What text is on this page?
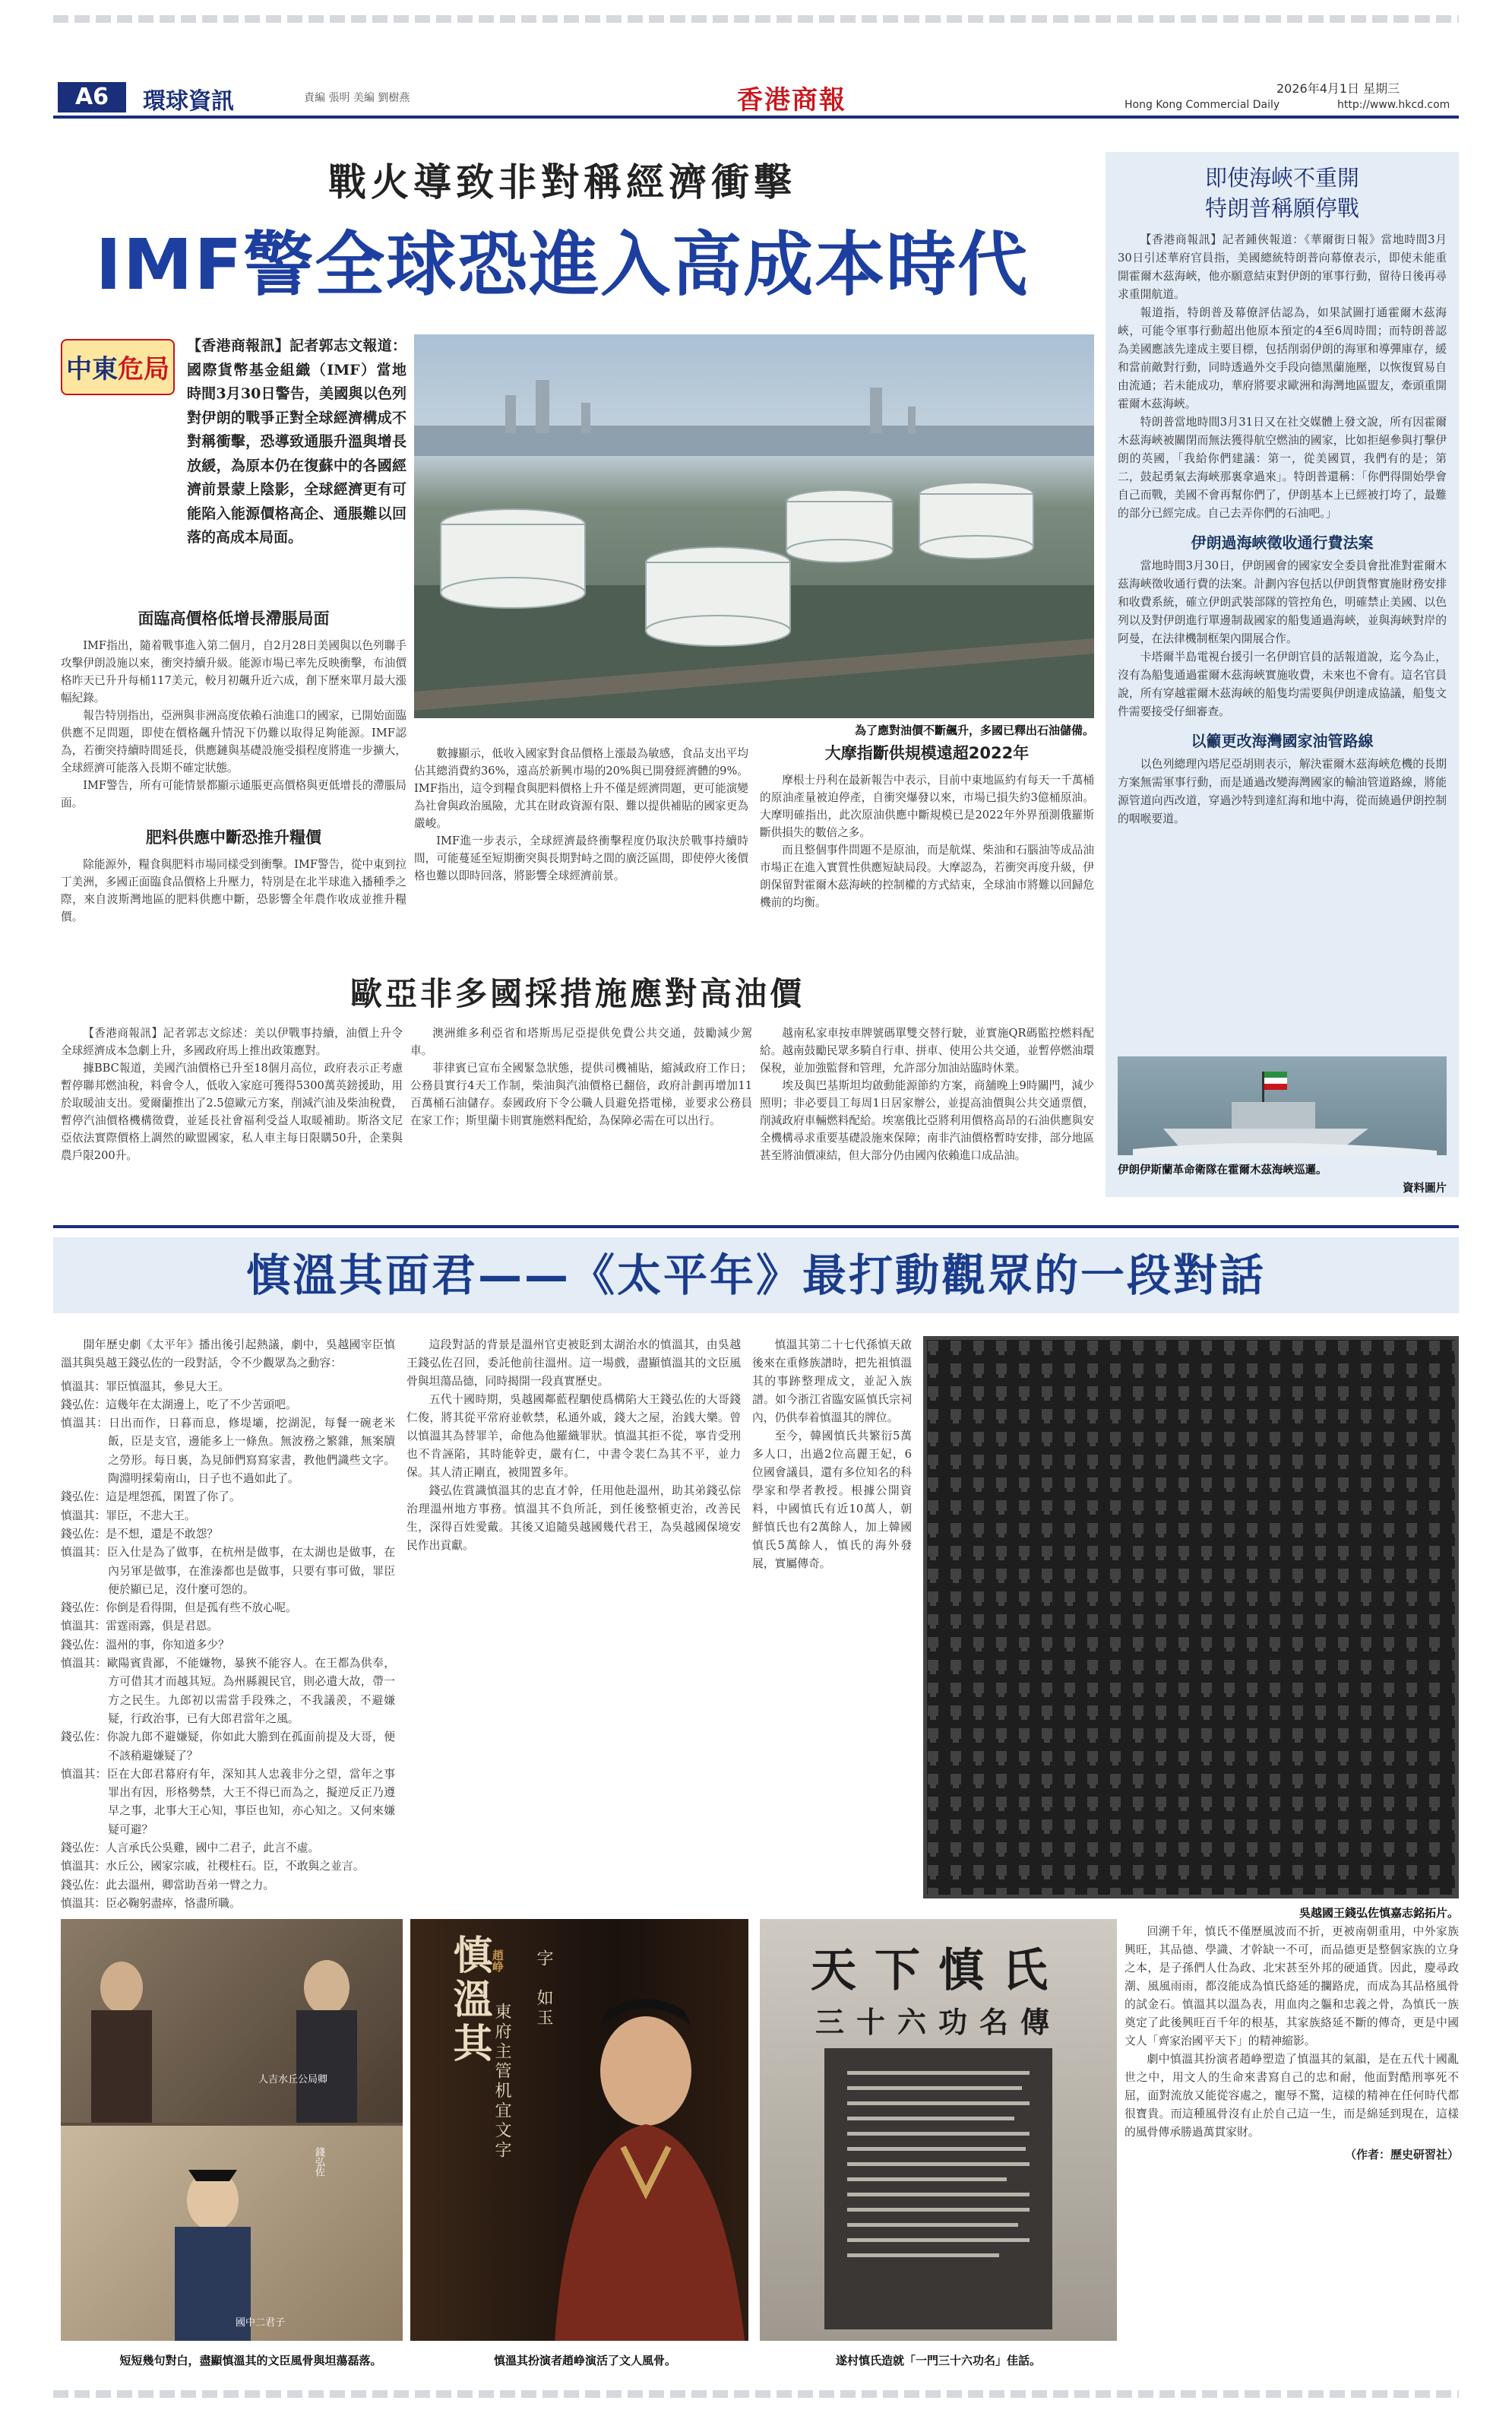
A6	環球資訊	責編 張明 美編 劉樹燕	香港商報	2026年4月1日 星期三
Hong Kong Commercial Daily	http://www.hkcd.com
戰火導致非對稱經濟衝擊
IMF警全球恐進入高成本時代
中東危局

【香港商報訊】記者郭志文報道：國際貨幣基金組織（IMF）當地時間3月30日警告，美國與以色列對伊朗的戰爭正對全球經濟構成不對稱衝擊，恐導致通脹升溫與增長放緩，為原本仍在復蘇中的各國經濟前景蒙上陰影，全球經濟更有可能陷入能源價格高企、通脹難以回落的高成本局面。

面臨高價格低增長滯脹局面

IMF指出，隨着戰事進入第二個月，自2月28日美國與以色列聯手攻擊伊朗設施以來，衝突持續升級。能源市場已率先反映衝擊，布油價格昨天已升升每桶117美元，較月初飆升近六成，創下歷來單月最大漲幅紀錄。

報告特別指出，亞洲與非洲高度依賴石油進口的國家，已開始面臨供應不足問題，即使在價格飆升情況下仍難以取得足夠能源。IMF認為，若衝突持續時間延長，供應鏈與基礎設施受損程度將進一步擴大，全球經濟可能落入長期不確定狀態。

IMF警告，所有可能情景都顯示通脹更高價格與更低增長的滯脹局面。

肥料供應中斷恐推升糧價

除能源外，糧食與肥料市場同樣受到衝擊。IMF警告，從中東到拉丁美洲，多國正面臨食品價格上升壓力，特別是在北半球進入播種季之際，來自波斯灣地區的肥料供應中斷，恐影響全年農作收成並推升糧價。

為了應對油價不斷飆升，多國已釋出石油儲備。

數據顯示，低收入國家對食品價格上漲最為敏感，食品支出平均佔其總消費約36%，遠高於新興市場的20%與已開發經濟體的9%。IMF指出，這令到糧食與肥料價格上升不僅是經濟問題，更可能演變為社會與政治風險，尤其在財政資源有限、難以提供補貼的國家更為嚴峻。

IMF進一步表示，全球經濟最終衝擊程度仍取決於戰事持續時間，可能蔓延至短期衝突與長期對峙之間的廣泛區間，即使停火後價格也難以即時回落，將影響全球經濟前景。

大摩指斷供規模遠超2022年

摩根士丹利在最新報告中表示，目前中東地區約有每天一千萬桶的原油產量被迫停產，自衝突爆發以來，市場已損失約3億桶原油。大摩明確指出，此次原油供應中斷規模已是2022年外界預測俄羅斯斷供損失的數倍之多。

而且整個事件問題不是原油，而是航煤、柴油和石腦油等成品油市場正在進入實質性供應短缺局段。大摩認為，若衝突再度升級，伊朗保留對霍爾木茲海峽的控制權的方式結束，全球油市將難以回歸危機前的均衡。

即使海峽不重開
特朗普稱願停戰

【香港商報訊】記者鍾俠報道：《華爾街日報》當地時間3月30日引述華府官員指，美國總統特朗普向幕僚表示，即使未能重開霍爾木茲海峽，他亦願意結束對伊朗的軍事行動，留待日後再尋求重開航道。

報道指，特朗普及幕僚評估認為，如果試圖打通霍爾木茲海峽，可能令軍事行動超出他原本預定的4至6周時間；而特朗普認為美國應該先達成主要目標，包括削弱伊朗的海軍和導彈庫存，緩和當前敵對行動，同時透過外交手段向德黑蘭施壓，以恢復貿易自由流通；若未能成功，華府將要求歐洲和海灣地區盟友，牽頭重開霍爾木茲海峽。

特朗普當地時間3月31日又在社交媒體上發文說，所有因霍爾木茲海峽被關閉而無法獲得航空燃油的國家，比如拒絕參與打擊伊朗的英國，「我給你們建議：第一，從美國買，我們有的是；第二，鼓起勇氣去海峽那裏拿過來」。特朗普還稱：「你們得開始學會自己而戰，美國不會再幫你們了，伊朗基本上已經被打垮了，最難的部分已經完成。自己去弄你們的石油吧。」

伊朗過海峽徵收通行費法案

當地時間3月30日，伊朗國會的國家安全委員會批准對霍爾木茲海峽徵收通行費的法案。計劃內容包括以伊朗貨幣實施財務安排和收費系統，確立伊朗武裝部隊的管控角色，明確禁止美國、以色列以及對伊朗進行單邊制裁國家的船隻通過海峽，並與海峽對岸的阿曼，在法律機制框架內開展合作。

卡塔爾半島電視台援引一名伊朗官員的話報道說，迄今為止，沒有為船隻通過霍爾木茲海峽實施收費，未來也不會有。這名官員說，所有穿越霍爾木茲海峽的船隻均需要與伊朗達成協議，船隻文件需要接受仔細審查。

以籲更改海灣國家油管路線

以色列總理內塔尼亞胡則表示，解決霍爾木茲海峽危機的長期方案無需軍事行動，而是通過改變海灣國家的輸油管道路線，將能源管道向西改道，穿過沙特到達紅海和地中海，從而繞過伊朗控制的咽喉要道。

伊朗伊斯蘭革命衛隊在霍爾木茲海峽巡邏。
資料圖片
歐亞非多國採措施應對高油價

【香港商報訊】記者郭志文綜述：美以伊戰事持續，油價上升令全球經濟成本急劇上升，多國政府馬上推出政策應對。

據BBC報道，美國汽油價格已升至18個月高位，政府表示正考慮暫停聯邦燃油稅，料會令人，低收入家庭可獲得5300萬英鎊援助，用於取暖油支出。愛爾蘭推出了2.5億歐元方案，削減汽油及柴油稅費，暫停汽油價格機構徵費，並延長社會福利受益人取暖補助。斯洛文尼亞依法實際價格上調然的歐盟國家，私人車主每日限購50升，企業與農戶限200升。

澳洲維多利亞省和塔斯馬尼亞提供免費公共交通，鼓勵減少駕車。

菲律賓已宣布全國緊急狀態，提供司機補貼，縮減政府工作日；公務員實行4天工作制，柴油與汽油價格已翻倍，政府計劃再增加11百萬桶石油儲存。泰國政府下令公職人員避免搭電梯，並要求公務員在家工作；斯里蘭卡則實施燃料配給，為保障必需在可以出行。

越南私家車按車牌號碼單雙交替行駛，並實施QR碼監控燃料配給。越南鼓勵民眾多騎自行車、拼車、使用公共交通，並暫停燃油環保稅，並加強監督和管理，允許部分加油站臨時休業。

埃及與巴基斯坦均啟動能源節約方案，商舖晚上9時關門，減少照明；非必要員工每周1日居家辦公，並提高油價與公共交通票價，削減政府車輛燃料配給。埃塞俄比亞將利用價格高昂的石油供應與安全機構尋求重要基礎設施來保障；南非汽油價格暫時安排，部分地區甚至將油價凍結，但大部分仍由國內依賴進口成品油。

慎溫其面君——《太平年》最打動觀眾的一段對話

開年歷史劇《太平年》播出後引起熱議，劇中，吳越國宰臣慎溫其與吳越王錢弘佐的一段對話，令不少觀眾為之動容：

慎溫其：罪臣慎溫其，參見大王。
錢弘佐：這幾年在太湖邊上，吃了不少苦頭吧。
慎溫其：日出而作，日暮而息，修堤壩，挖湖泥，每餐一碗老米飯，臣是支官，邊能多上一條魚。無波務之繁雜，無案牘之勞形。每日裏，為見師們寫寫家書，教他們識些文字。陶淵明採菊南山，日子也不過如此了。
錢弘佐：這是埋怨孤，閑置了你了。
慎溫其：罪臣，不悲大王。
錢弘佐：是不想，還是不敢怨？
慎溫其：臣入仕是為了做事，在杭州是做事，在太湖也是做事，在內另軍是做事，在淮溱都也是做事，只要有事可做，罪臣便於顯已足，沒什麼可怨的。
錢弘佐：你倒是看得開，但是孤有些不放心呢。
慎溫其：雷霆雨露，俱是君恩。
錢弘佐：溫州的事，你知道多少？
慎溫其：歐陽賓貴鄙，不能嫌物，暴狹不能容人。在王都為供奉，方可借其才而越其短。為州縣親民官，則必遺大故，帶一方之民生。九郎初以需當手段殊之，不我議羨，不避嫌疑，行政治事，已有大郎君當年之風。
錢弘佐：你說九郎不避嫌疑，你如此大膽到在孤面前提及大哥，便不該稍避嫌疑了？
慎溫其：臣在大郎君幕府有年，深知其人忠義非分之望，當年之事罪出有因，形格勢禁，大王不得已而為之，擬逆反正乃遵早之事，北事大王心知，事臣也知，亦心知之。又何來嫌疑可避？
錢弘佐：人言承氏公吳雞，國中二君子，此言不虛。
慎溫其：水丘公，國家宗戚，社稷柱石。臣，不敢與之並言。
錢弘佐：此去溫州，卿當助吾弟一臂之力。
慎溫其：臣必鞠躬盡瘁，恪盡所職。

這段對話的背景是溫州官吏被貶到太湖治水的慎溫其，由吳越王錢弘佐召回，委託他前往溫州。這一場戲，盡顯慎溫其的文臣風骨與坦蕩品德，同時揭開一段真實歷史。

五代十國時期，吳越國鄰藍程駟使爲構陷大王錢弘佐的大哥錢仁俊，將其從平常府並軟禁，私通外戚，錢大之屋，治銭大樂。曾以慎溫其為替罪羊，命他為他羅織罪狀。慎溫其拒不從，寧肯受刑也不肯誣陷，其時能幹吏，嚴有仁，中書令裴仁為其不平，並力保。其人清正剛直，被閒置多年。

錢弘佐賞識慎溫其的忠直才幹，任用他赴溫州，助其弟錢弘倧治理溫州地方事務。慎溫其不負所託，到任後整頓吏治，改善民生，深得百姓愛戴。其後又追隨吳越國幾代君王，為吳越國保境安民作出貢獻。

慎溫其第二十七代孫慎天啟後來在重修族譜時，把先祖慎溫其的事跡整理成文，並記入族譜。如今浙江省臨安區慎氏宗祠內，仍供奉着慎溫其的牌位。

至今，韓國慎氏共繁衍5萬多人口，出過2位高麗王妃，6位國會議員，還有多位知名的科學家和學者教授。根據公開資料，中國慎氏有近10萬人，朝鮮慎氏也有2萬餘人，加上韓國慎氏5萬餘人，慎氏的海外發展，實屬傳奇。

吳越國王錢弘佐慎嘉志銘拓片。

回溯千年，慎氏不僅歷風波而不折，更被南朝重用，中外家族興旺，其品德、學識、才幹缺一不可，而品德更是整個家族的立身之本，是子孫們人仕為政、北宋甚至外邦的硬通貨。因此，慶尋政潮、風風雨雨，都沒能成為慎氏絡延的攔路虎，而成為其品格風骨的試金石。慎溫其以溫為表，用血肉之軀和忠義之骨，為慎氏一族奠定了此後興旺百千年的根基，其家族絡延不斷的傳奇，更是中國文人「齊家治國平天下」的精神縮影。

劇中慎溫其扮演者趙峥塑造了慎溫其的氣韻，是在五代十國亂世之中，用文人的生命來書寫自己的忠和耐，他面對酷刑寧死不屈，面對流放又能從容處之，寵辱不驚，這樣的精神在任何時代都很寶貴。而這種風骨沒有止於自己這一生，而是綿延到現在，這樣的風骨傳承勝過萬貫家財。

（作者：歷史研習社）
人吉水丘公局卿
國中二君子
錢弘佐
短短幾句對白，盡顯慎溫其的文臣風骨與坦蕩磊落。
慎溫其
趙峥
東府主管机宜文字
字　如玉
慎溫其扮演者趙峥演活了文人風骨。
天下慎氏
三十六功名傳
遂村慎氏造就「一門三十六功名」佳話。
